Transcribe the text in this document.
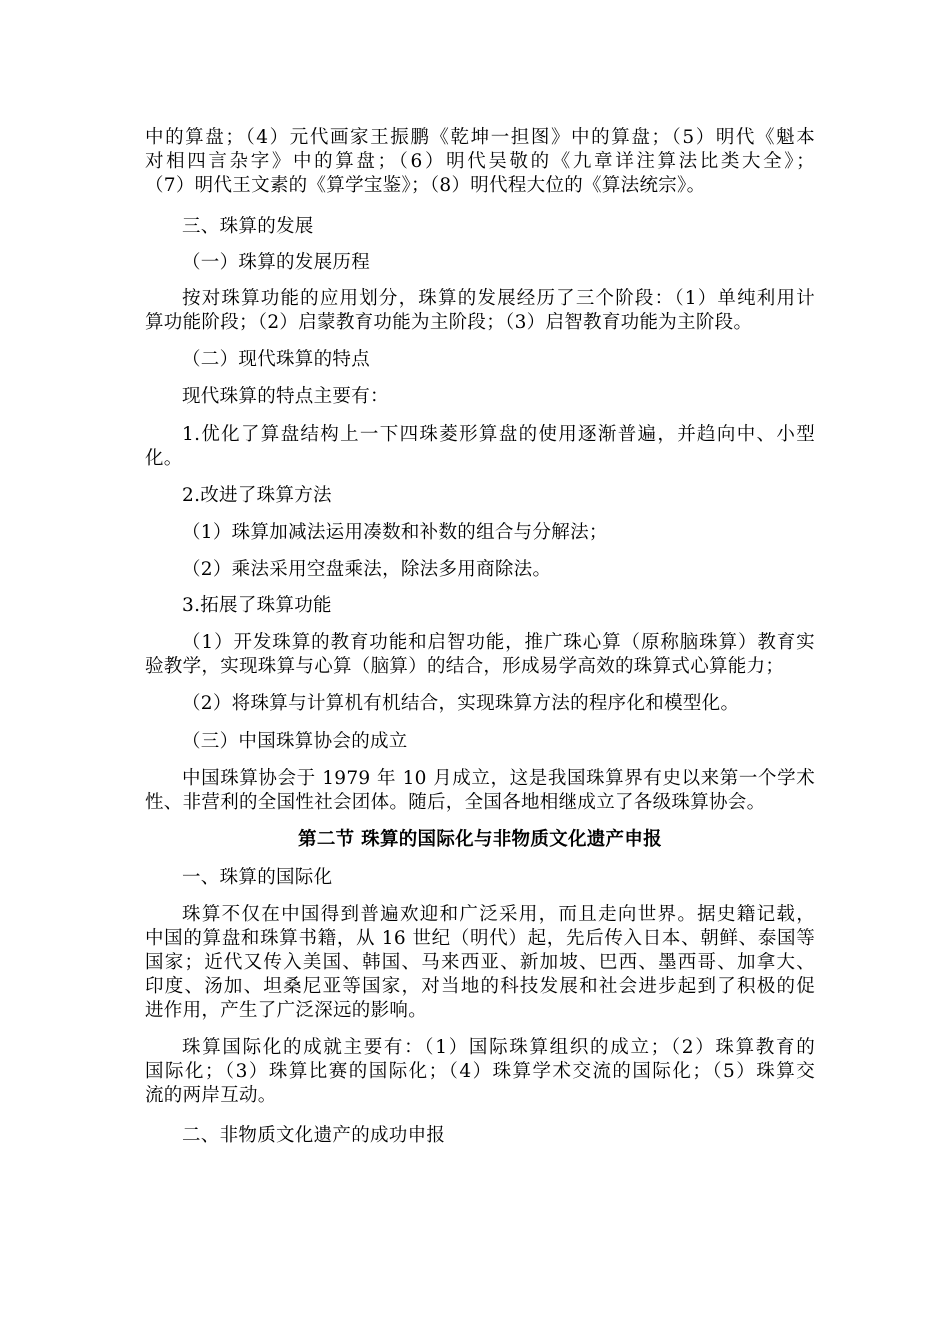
中的算盘；（4）元代画家王振鹏《乾坤一担图》中的算盘；（5）明代《魁本
对相四言杂字》中的算盘；（6）明代吴敬的《九章详注算法比类大全》；
（7）明代王文素的《算学宝鉴》；（8）明代程大位的《算法统宗》。
三、珠算的发展
（一）珠算的发展历程
按对珠算功能的应用划分，珠算的发展经历了三个阶段：（1）单纯利用计
算功能阶段；（2）启蒙教育功能为主阶段；（3）启智教育功能为主阶段。
（二）现代珠算的特点
现代珠算的特点主要有：
1.优化了算盘结构上一下四珠菱形算盘的使用逐渐普遍，并趋向中、小型
化。
2.改进了珠算方法
（1）珠算加减法运用凑数和补数的组合与分解法；
（2）乘法采用空盘乘法，除法多用商除法。
3.拓展了珠算功能
（1）开发珠算的教育功能和启智功能，推广珠心算（原称脑珠算）教育实
验教学，实现珠算与心算（脑算）的结合，形成易学高效的珠算式心算能力；
（2）将珠算与计算机有机结合，实现珠算方法的程序化和模型化。
（三）中国珠算协会的成立
中国珠算协会于 1979 年 10 月成立，这是我国珠算界有史以来第一个学术
性、非营利的全国性社会团体。随后，全国各地相继成立了各级珠算协会。
第二节 珠算的国际化与非物质文化遗产申报
一、珠算的国际化
珠算不仅在中国得到普遍欢迎和广泛采用，而且走向世界。据史籍记载，
中国的算盘和珠算书籍，从 16 世纪（明代）起，先后传入日本、朝鲜、泰国等
国家；近代又传入美国、韩国、马来西亚、新加坡、巴西、墨西哥、加拿大、
印度、汤加、坦桑尼亚等国家，对当地的科技发展和社会进步起到了积极的促
进作用，产生了广泛深远的影响。
珠算国际化的成就主要有：（1）国际珠算组织的成立；（2）珠算教育的
国际化；（3）珠算比赛的国际化；（4）珠算学术交流的国际化；（5）珠算交
流的两岸互动。
二、非物质文化遗产的成功申报
